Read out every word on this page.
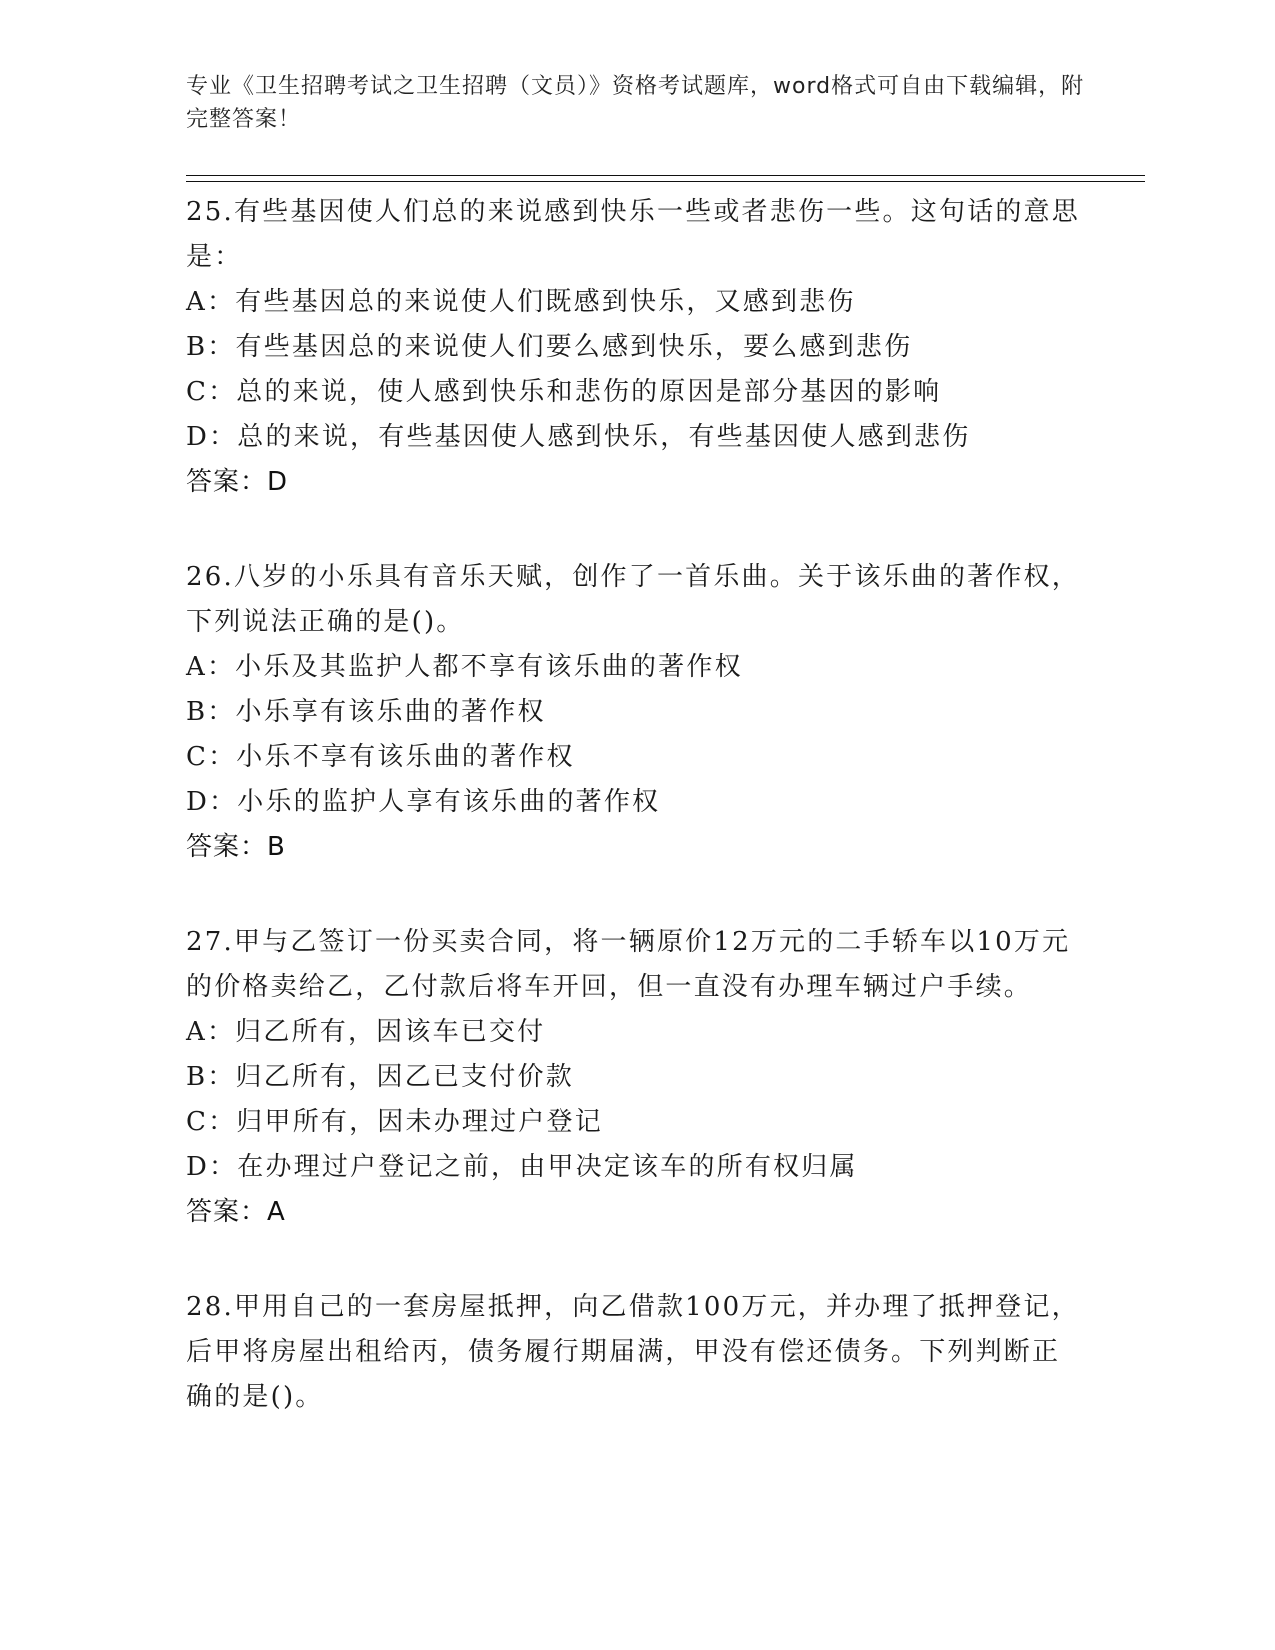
专业《卫生招聘考试之卫生招聘（文员）》资格考试题库，word格式可自由下载编辑，附完整答案！

25.有些基因使人们总的来说感到快乐一些或者悲伤一些。这句话的意思是：

A：有些基因总的来说使人们既感到快乐，又感到悲伤

B：有些基因总的来说使人们要么感到快乐，要么感到悲伤

C：总的来说，使人感到快乐和悲伤的原因是部分基因的影响

D：总的来说，有些基因使人感到快乐，有些基因使人感到悲伤

答案：D

26.八岁的小乐具有音乐天赋，创作了一首乐曲。关于该乐曲的著作权，下列说法正确的是()。

A：小乐及其监护人都不享有该乐曲的著作权

B：小乐享有该乐曲的著作权

C：小乐不享有该乐曲的著作权

D：小乐的监护人享有该乐曲的著作权

答案：B

27.甲与乙签订一份买卖合同，将一辆原价12万元的二手轿车以10万元的价格卖给乙，乙付款后将车开回，但一直没有办理车辆过户手续。

A：归乙所有，因该车已交付

B：归乙所有，因乙已支付价款

C：归甲所有，因未办理过户登记

D：在办理过户登记之前，由甲决定该车的所有权归属

答案：A

28.甲用自己的一套房屋抵押，向乙借款100万元，并办理了抵押登记，后甲将房屋出租给丙，债务履行期届满，甲没有偿还债务。下列判断正确的是()。
